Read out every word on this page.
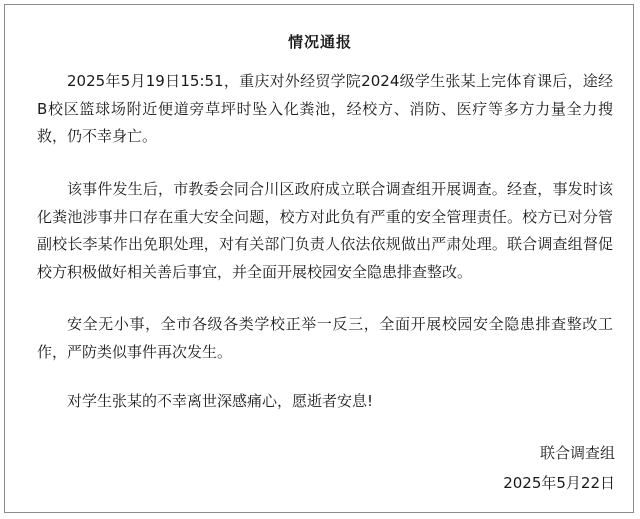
情况通报

2025年5月19日15:51，重庆对外经贸学院2024级学生张某上完体育课后，途经B校区篮球场附近便道旁草坪时坠入化粪池，经校方、消防、医疗等多方力量全力搜救，仍不幸身亡。

该事件发生后，市教委会同合川区政府成立联合调查组开展调查。经查，事发时该化粪池涉事井口存在重大安全问题，校方对此负有严重的安全管理责任。校方已对分管副校长李某作出免职处理，对有关部门负责人依法依规做出严肃处理。联合调查组督促校方积极做好相关善后事宜，并全面开展校园安全隐患排查整改。

安全无小事，全市各级各类学校正举一反三，全面开展校园安全隐患排查整改工作，严防类似事件再次发生。

对学生张某的不幸离世深感痛心，愿逝者安息!

联合调查组
2025年5月22日
